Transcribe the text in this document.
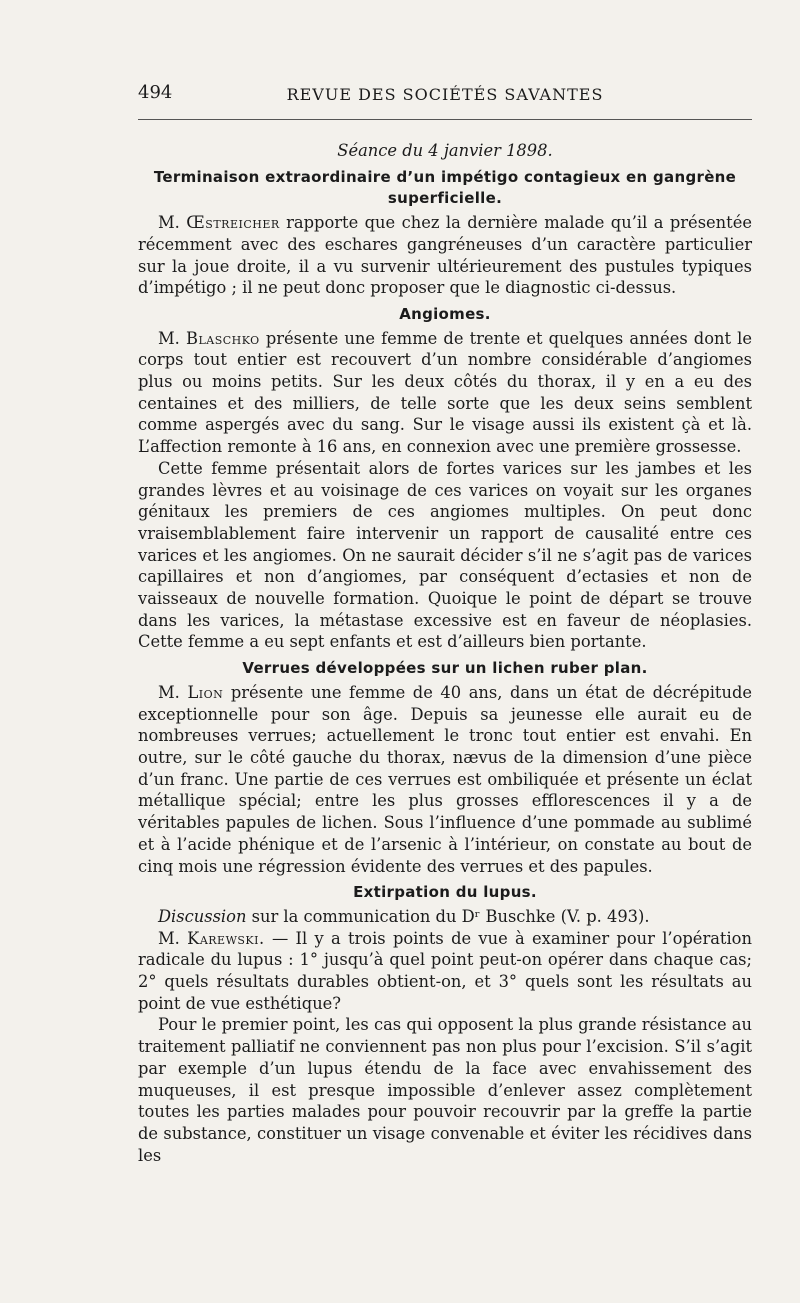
494	REVUE DES SOCIÉTÉS SAVANTES
Séance du 4 janvier 1898.
Terminaison extraordinaire d’un impétigo contagieux en gangrène superficielle.

M. Œstreicher rapporte que chez la dernière malade qu’il a présentée récemment avec des eschares gangréneuses d’un caractère particulier sur la joue droite, il a vu survenir ultérieurement des pustules typiques d’impétigo ; il ne peut donc proposer que le diagnostic ci-dessus.

Angiomes.

M. Blaschko présente une femme de trente et quelques années dont le corps tout entier est recouvert d’un nombre considérable d’angiomes plus ou moins petits. Sur les deux côtés du thorax, il y en a eu des centaines et des milliers, de telle sorte que les deux seins semblent comme aspergés avec du sang. Sur le visage aussi ils existent çà et là. L’affection remonte à 16 ans, en connexion avec une première grossesse.

Cette femme présentait alors de fortes varices sur les jambes et les grandes lèvres et au voisinage de ces varices on voyait sur les organes génitaux les premiers de ces angiomes multiples. On peut donc vraisemblablement faire intervenir un rapport de causalité entre ces varices et les angiomes. On ne saurait décider s’il ne s’agit pas de varices capillaires et non d’angiomes, par conséquent d’ectasies et non de vaisseaux de nouvelle formation. Quoique le point de départ se trouve dans les varices, la métastase excessive est en faveur de néoplasies. Cette femme a eu sept enfants et est d’ailleurs bien portante.

Verrues développées sur un lichen ruber plan.

M. Lion présente une femme de 40 ans, dans un état de décrépitude exceptionnelle pour son âge. Depuis sa jeunesse elle aurait eu de nombreuses verrues; actuellement le tronc tout entier est envahi. En outre, sur le côté gauche du thorax, nævus de la dimension d’une pièce d’un franc. Une partie de ces verrues est ombiliquée et présente un éclat métallique spécial; entre les plus grosses efflorescences il y a de véritables papules de lichen. Sous l’influence d’une pommade au sublimé et à l’acide phénique et de l’arsenic à l’intérieur, on constate au bout de cinq mois une régression évidente des verrues et des papules.

Extirpation du lupus.

Discussion sur la communication du Dʳ Buschke (V. p. 493).

M. Karewski. — Il y a trois points de vue à examiner pour l’opération radicale du lupus : 1° jusqu’à quel point peut-on opérer dans chaque cas; 2° quels résultats durables obtient-on, et 3° quels sont les résultats au point de vue esthétique?

Pour le premier point, les cas qui opposent la plus grande résistance au traitement palliatif ne conviennent pas non plus pour l’excision. S’il s’agit par exemple d’un lupus étendu de la face avec envahissement des muqueuses, il est presque impossible d’enlever assez complètement toutes les parties malades pour pouvoir recouvrir par la greffe la partie de substance, constituer un visage convenable et éviter les récidives dans les
